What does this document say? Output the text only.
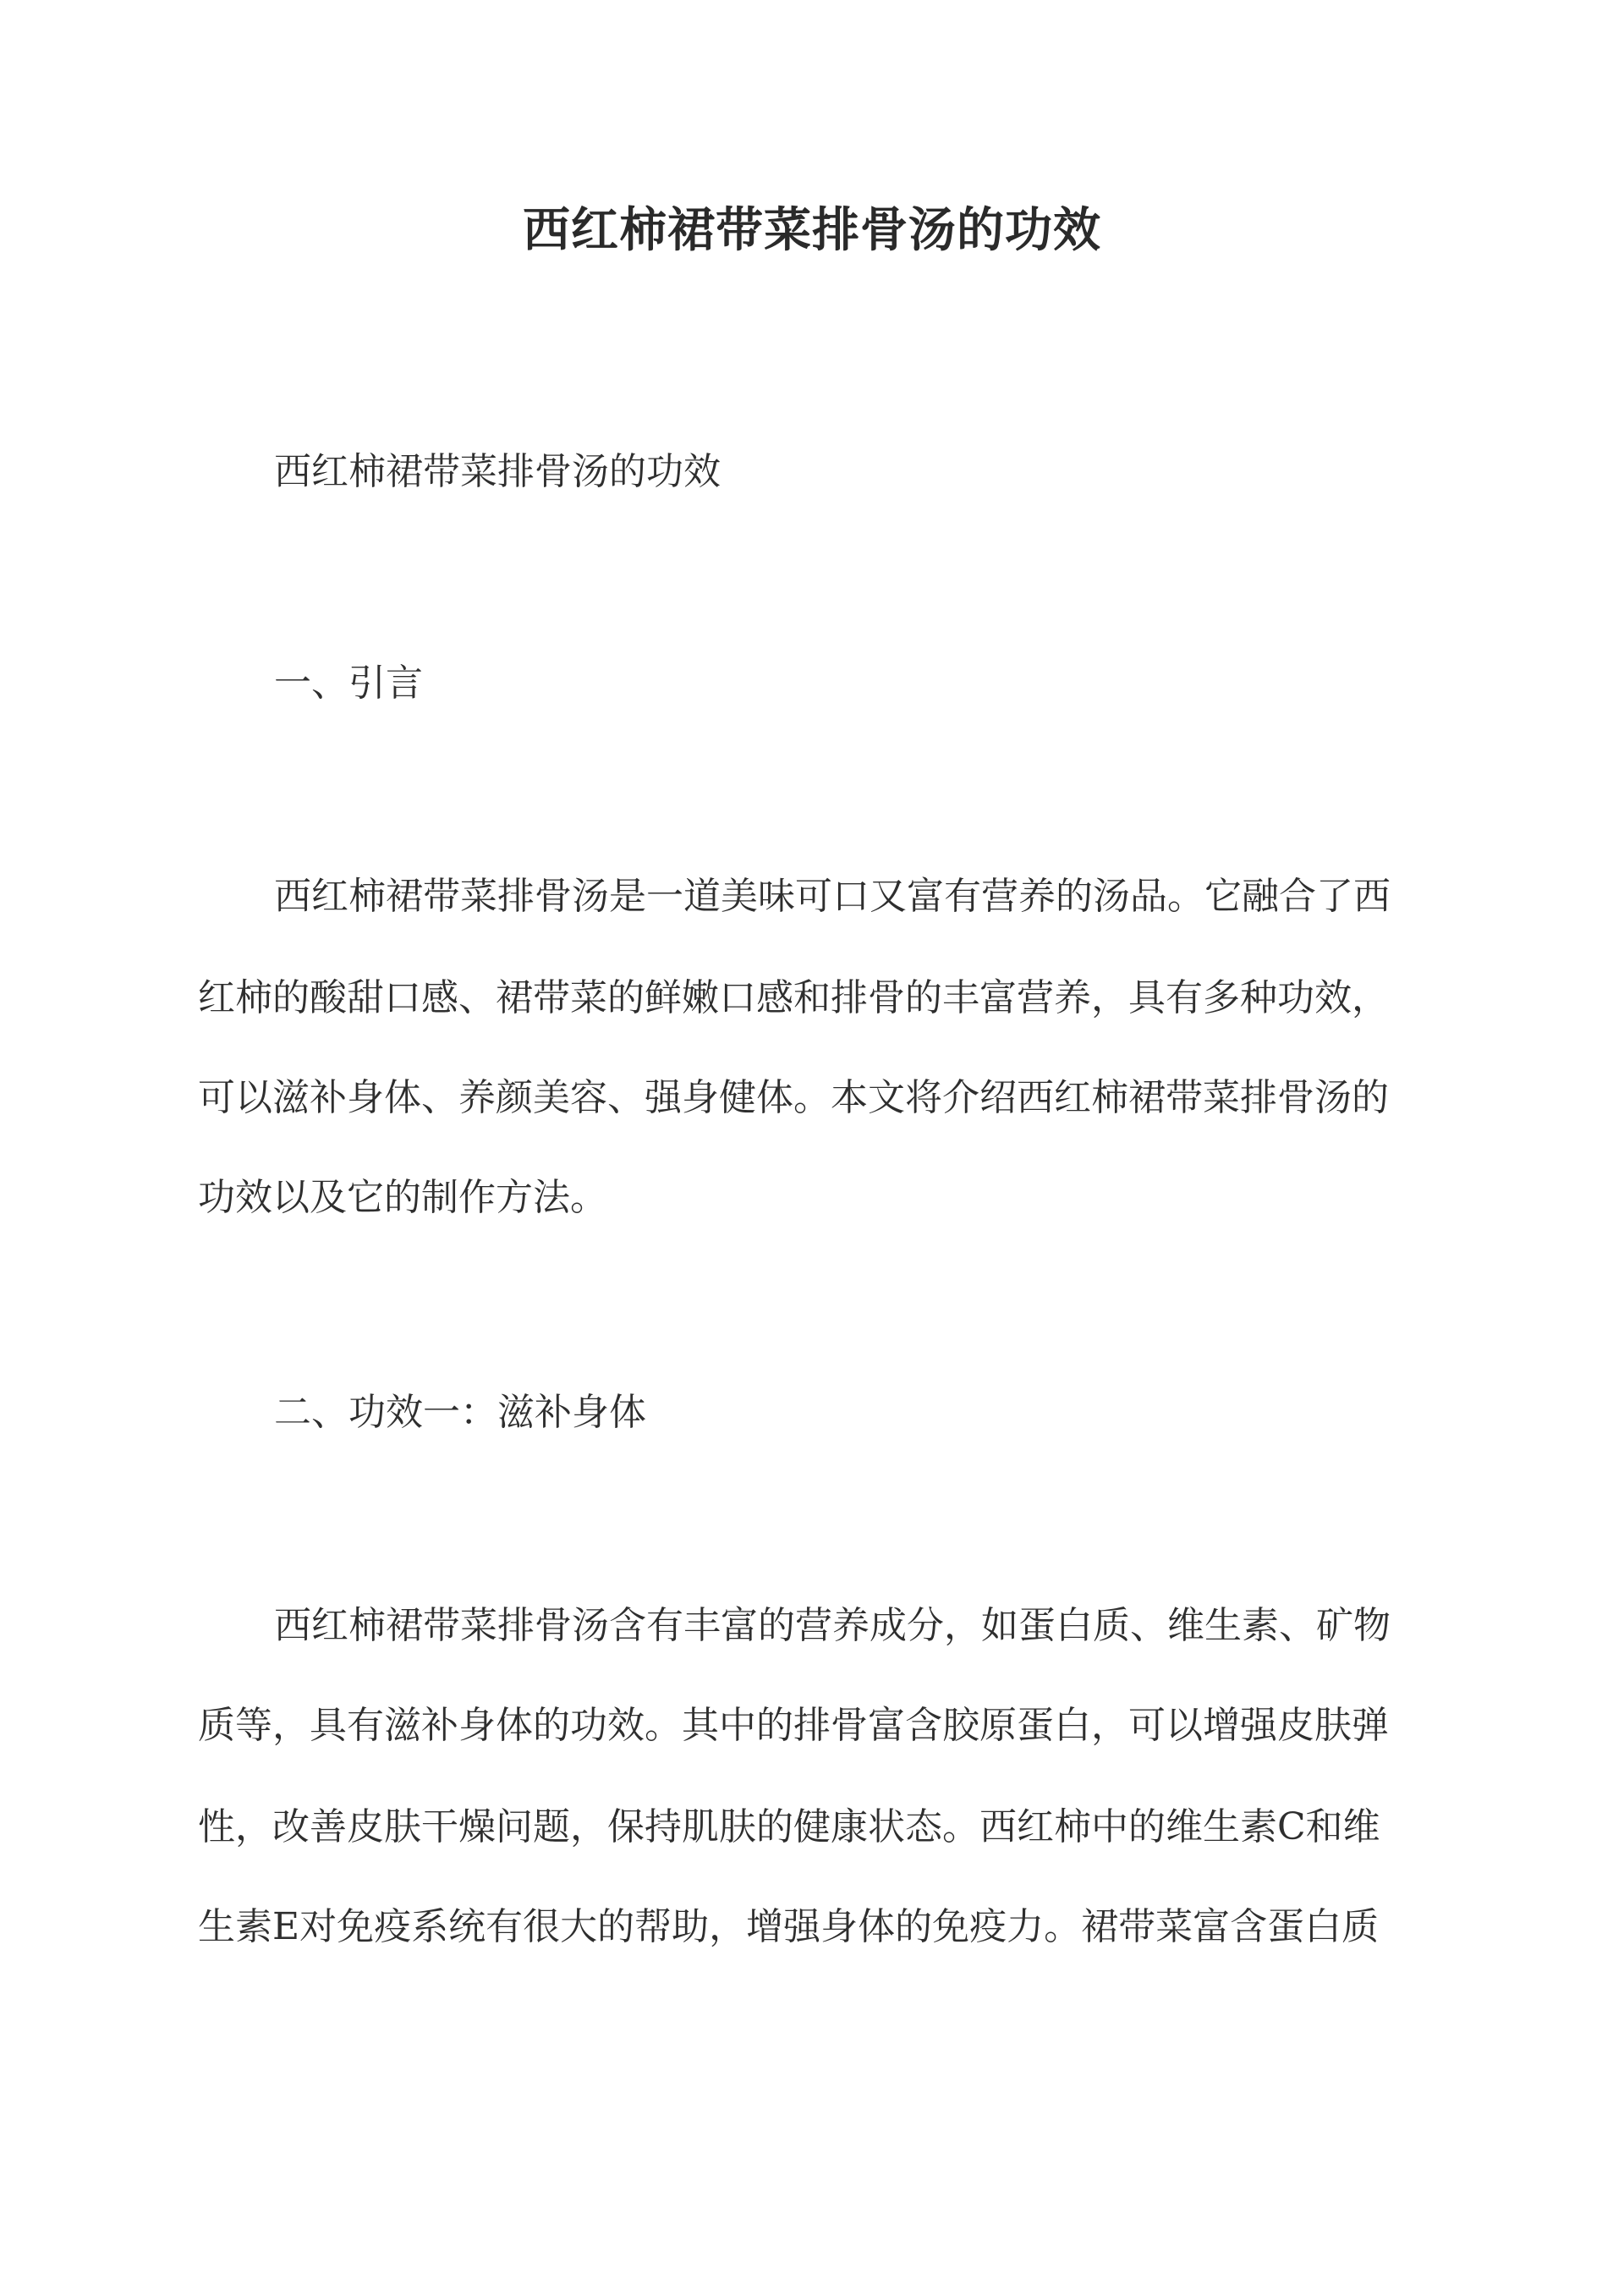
西红柿裙带菜排骨汤的功效

西红柿裙带菜排骨汤的功效

一、引言

西红柿裙带菜排骨汤是一道美味可口又富有营养的汤品。它融合了西

红柿的酸甜口感、裙带菜的鲜嫩口感和排骨的丰富营养，具有多种功效，

可以滋补身体、养颜美容、强身健体。本文将介绍西红柿裙带菜排骨汤的

功效以及它的制作方法。

二、功效一：滋补身体

西红柿裙带菜排骨汤含有丰富的营养成分，如蛋白质、维生素、矿物

质等，具有滋补身体的功效。其中的排骨富含胶原蛋白，可以增强皮肤弹

性，改善皮肤干燥问题，保持肌肤的健康状态。西红柿中的维生素C和维

生素E对免疫系统有很大的帮助，增强身体的免疫力。裙带菜富含蛋白质
